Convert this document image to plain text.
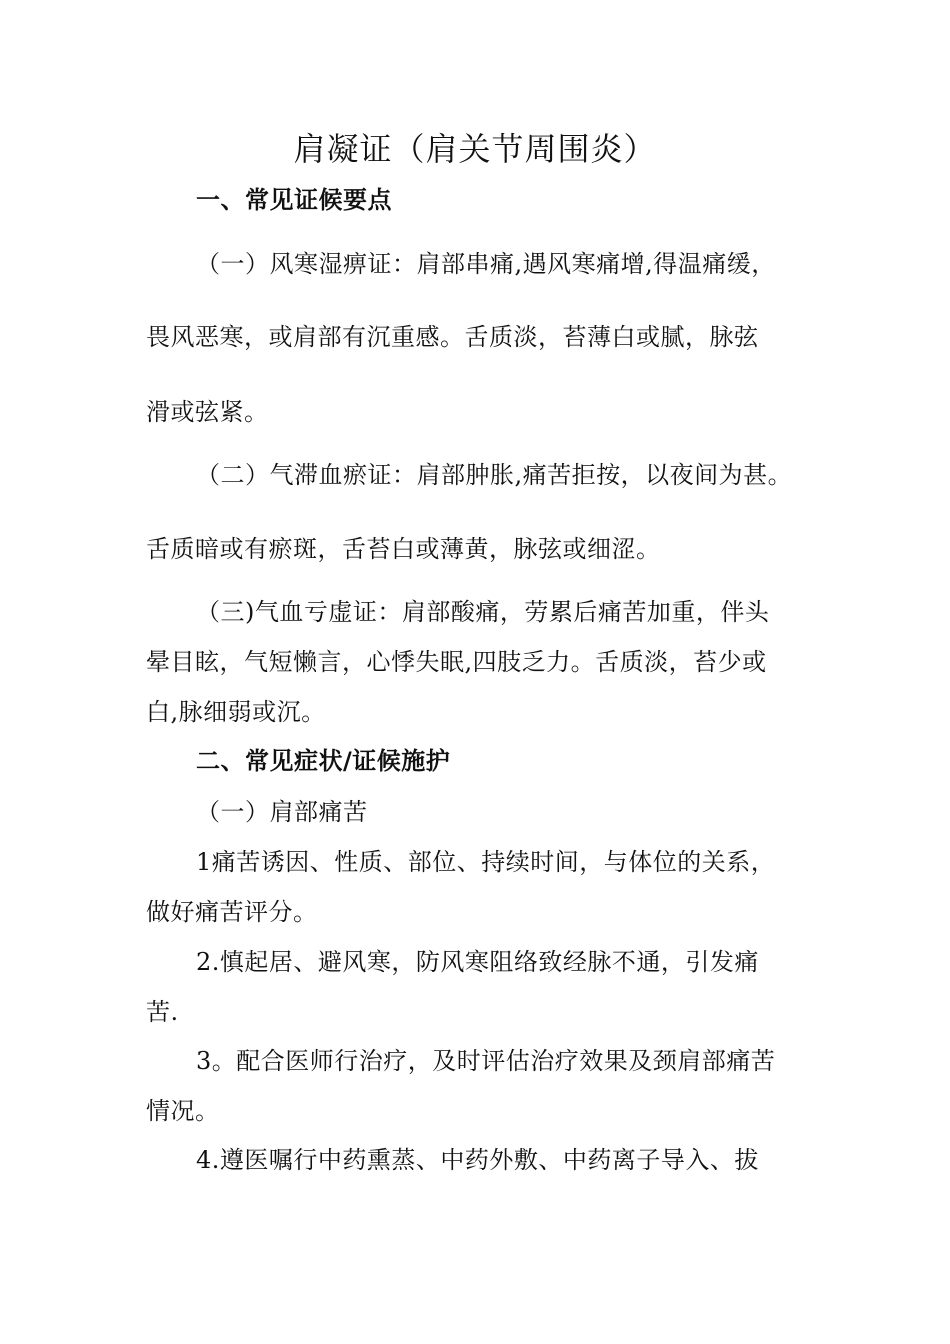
肩凝证（肩关节周围炎）
一、常见证候要点
（一）风寒湿痹证：肩部串痛,遇风寒痛增,得温痛缓，
畏风恶寒，或肩部有沉重感。舌质淡，苔薄白或腻，脉弦
滑或弦紧。
（二）气滞血瘀证：肩部肿胀,痛苦拒按，以夜间为甚。
舌质暗或有瘀斑，舌苔白或薄黄，脉弦或细涩。
（三)气血亏虚证：肩部酸痛，劳累后痛苦加重，伴头
晕目眩，气短懒言，心悸失眠,四肢乏力。舌质淡，苔少或
白,脉细弱或沉。
二、常见症状/证候施护
（一）肩部痛苦
1痛苦诱因、性质、部位、持续时间，与体位的关系，
做好痛苦评分。
2.慎起居、避风寒，防风寒阻络致经脉不通，引发痛
苦.
3。配合医师行治疗，及时评估治疗效果及颈肩部痛苦
情况。
4.遵医嘱行中药熏蒸、中药外敷、中药离子导入、拔
